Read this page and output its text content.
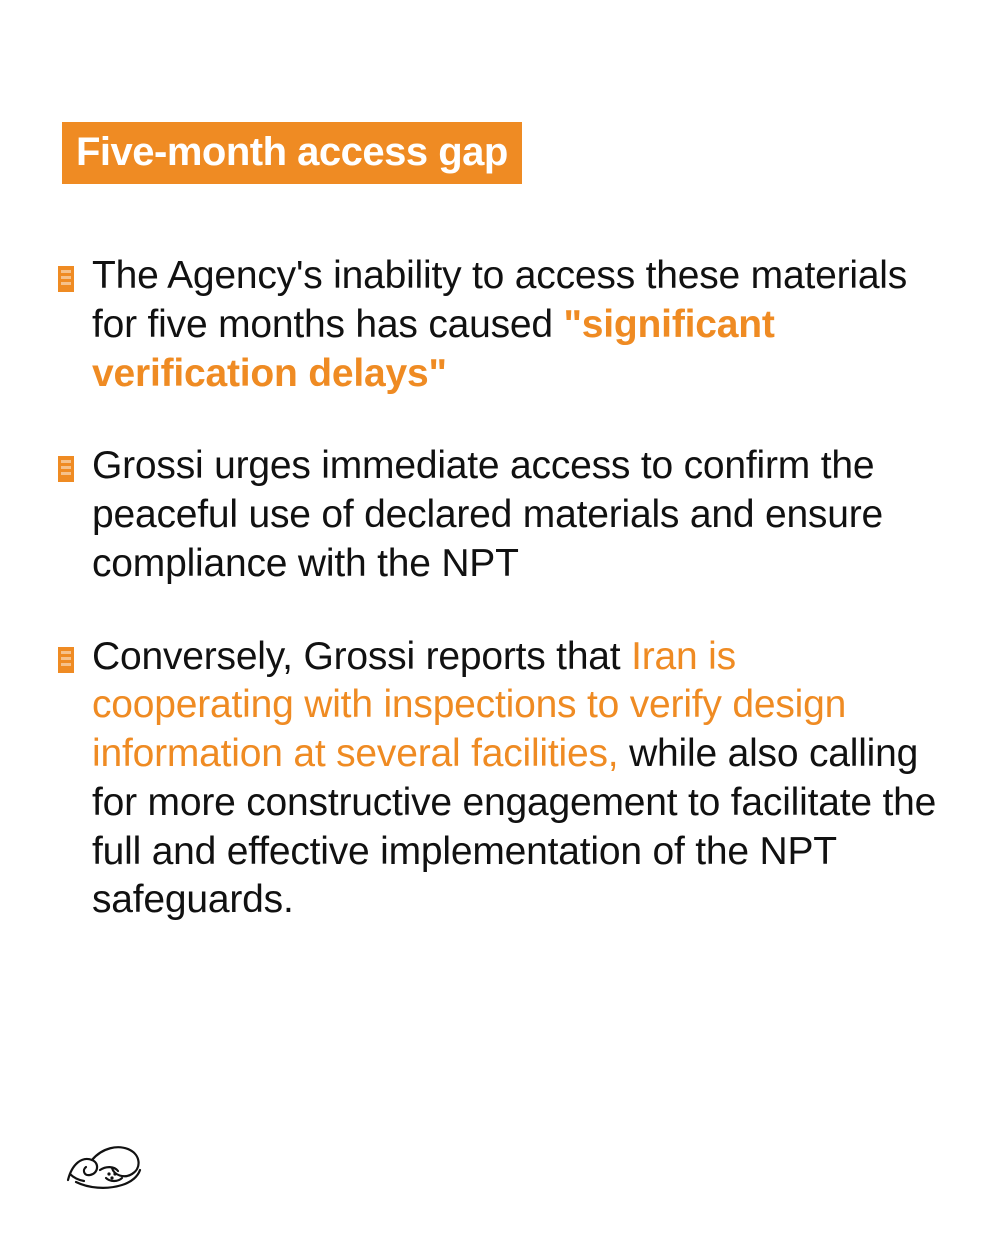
Five-month access gap
The Agency's inability to access these materials for five months has caused "significant verification delays"
Grossi urges immediate access to confirm the peaceful use of declared materials and ensure compliance with the NPT
Conversely, Grossi reports that Iran is cooperating with inspections to verify design information at several facilities, while also calling for more constructive engagement to facilitate the full and effective implementation of the NPT safeguards.
